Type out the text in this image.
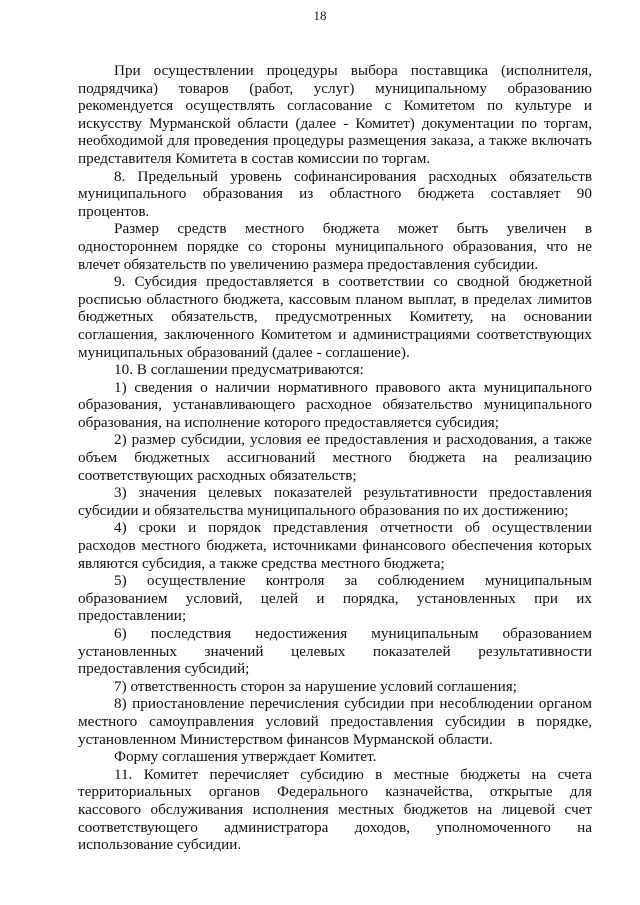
18

При осуществлении процедуры выбора поставщика (исполнителя, подрядчика) товаров (работ, услуг) муниципальному образованию рекомендуется осуществлять согласование с Комитетом по культуре и искусству Мурманской области (далее - Комитет) документации по торгам, необходимой для проведения процедуры размещения заказа, а также включать представителя Комитета в состав комиссии по торгам.

8. Предельный уровень софинансирования расходных обязательств муниципального образования из областного бюджета составляет 90 процентов.

Размер средств местного бюджета может быть увеличен в одностороннем порядке со стороны муниципального образования, что не влечет обязательств по увеличению размера предоставления субсидии.

9. Субсидия предоставляется в соответствии со сводной бюджетной росписью областного бюджета, кассовым планом выплат, в пределах лимитов бюджетных обязательств, предусмотренных Комитету, на основании соглашения, заключенного Комитетом и администрациями соответствующих муниципальных образований (далее - соглашение).

10. В соглашении предусматриваются:

1) сведения о наличии нормативного правового акта муниципального образования, устанавливающего расходное обязательство муниципального образования, на исполнение которого предоставляется субсидия;

2) размер субсидии, условия ее предоставления и расходования, а также объем бюджетных ассигнований местного бюджета на реализацию соответствующих расходных обязательств;

3) значения целевых показателей результативности предоставления субсидии и обязательства муниципального образования по их достижению;

4) сроки и порядок представления отчетности об осуществлении расходов местного бюджета, источниками финансового обеспечения которых являются субсидия, а также средства местного бюджета;

5) осуществление контроля за соблюдением муниципальным образованием условий, целей и порядка, установленных при их предоставлении;

6) последствия недостижения муниципальным образованием установленных значений целевых показателей результативности предоставления субсидий;

7) ответственность сторон за нарушение условий соглашения;

8) приостановление перечисления субсидии при несоблюдении органом местного самоуправления условий предоставления субсидии в порядке, установленном Министерством финансов Мурманской области.

Форму соглашения утверждает Комитет.

11. Комитет перечисляет субсидию в местные бюджеты на счета территориальных органов Федерального казначейства, открытые для кассового обслуживания исполнения местных бюджетов на лицевой счет соответствующего администратора доходов, уполномоченного на использование субсидии.
